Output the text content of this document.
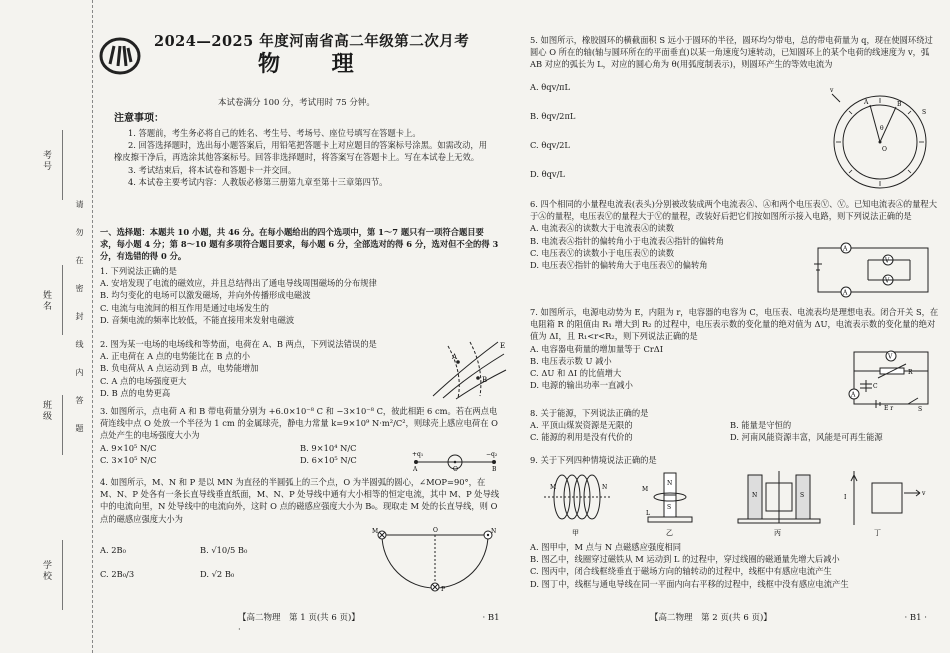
考号
姓名
班级
学校
请　勿　在　密　封　线　内　答　题
2024—2025 年度河南省高二年级第二次月考
物 理
本试卷满分 100 分，考试用时 75 分钟。
注意事项：

1. 答题前，考生务必将自己的姓名、考生号、考场号、座位号填写在答题卡上。

2. 回答选择题时，选出每小题答案后，用铅笔把答题卡上对应题目的答案标号涂黑。如需改动，用橡皮擦干净后，再选涂其他答案标号。回答非选择题时，将答案写在答题卡上。写在本试卷上无效。

3. 考试结束后，将本试卷和答题卡一并交回。

4. 本试卷主要考试内容：人教版必修第三册第九章至第十三章第四节。

一、选择题：本题共 10 小题，共 46 分。在每小题给出的四个选项中，第 1～7 题只有一项符合题目要求，每小题 4 分；第 8～10 题有多项符合题目要求，每小题 6 分，全部选对的得 6 分，选对但不全的得 3 分，有选错的得 0 分。

1. 下列说法正确的是

A. 安培发现了电流的磁效应，并且总结得出了通电导线周围磁场的分布规律

B. 均匀变化的电场可以激发磁场，并向外传播形成电磁波

C. 电流与电流间的相互作用是通过电场发生的

D. 音频电流的频率比较低，不能直接用来发射电磁波

2. 图为某一电场的电场线和等势面，电荷在 A、B 两点，下列说法错误的是

A. 正电荷在 A 点的电势能比在 B 点的小

B. 负电荷从 A 点运动到 B 点，电势能增加

C. A 点的电场强度更大

D. B 点的电势更高

A
B
E

3. 如图所示，点电荷 A 和 B 带电荷量分别为 +6.0×10⁻⁸ C 和 −3×10⁻⁸ C，彼此相距 6 cm。若在两点电荷连线中点 O 处放一个半径为 1 cm 的金属球壳，静电力常量 k=9×10⁹ N·m²/C²，则球壳上感应电荷在 O 点处产生的电场强度大小为

A. 9×10⁵ N/C	B. 9×10⁴ N/C
C. 3×10⁵ N/C	D. 6×10⁵ N/C
+q₁	−q₂
A	O	B

4. 如图所示，M、N 和 P 是以 MN 为直径的半圆弧上的三个点，O 为半圆弧的圆心，∠MOP=90°，在 M、N、P 处各有一条长直导线垂直纸面，M、N、P 处导线中通有大小相等的恒定电流，其中 M、P 处导线中的电流向里，N 处导线中的电流向外，这时 O 点的磁感应强度大小为 B₀。现取走 M 处的长直导线，则 O 点的磁感应强度大小为

A. 2B₀	B. √10/5 B₀
C. 2B₀/3	D. √2 B₀
M	O	N
P
【高二物理　第 1 页(共 6 页)】	· B1 ·

5. 如图所示，橡胶圆环的横截面积 S 远小于圆环的半径，圆环均匀带电，总的带电荷量为 q，现在使圆环绕过圆心 O 所在的轴(轴与圆环所在的平面垂直)以某一角速度匀速转动，已知圆环上的某个电荷的线速度为 v，弧 AB 对应的弧长为 L，对应的圆心角为 θ(用弧度制表示)，则圆环产生的等效电流为

A. θqv/πL

B. θqv/2πL

C. θqv/2L

D. θqv/L

O
A	B
θ
S
v

6. 四个相同的小量程电流表(表头)分别被改装成两个电流表Ⓐ、Ⓐ和两个电压表Ⓥ、Ⓥ。已知电流表Ⓐ的量程大于Ⓐ的量程，电压表Ⓥ的量程大于Ⓥ的量程，改装好后把它们按如图所示接入电路，则下列说法正确的是

A. 电流表Ⓐ的读数大于电流表Ⓐ的读数

B. 电流表Ⓐ指针的偏转角小于电流表Ⓐ指针的偏转角

C. 电压表Ⓥ的读数小于电压表Ⓥ的读数

D. 电压表Ⓥ指针的偏转角大于电压表Ⓥ的偏转角

A
A
V
V

7. 如图所示，电源电动势为 E，内阻为 r，电容器的电容为 C，电压表、电流表均是理想电表。闭合开关 S，在电阻箱 R 的阻值由 R₁ 增大到 R₂ 的过程中，电压表示数的变化量的绝对值为 ΔU，电流表示数的变化量的绝对值为 ΔI，且 R₁<r<R₂，则下列说法正确的是

A. 电容器电荷量的增加量等于 CrΔI

B. 电压表示数 U 减小

C. ΔU 和 ΔI 的比值增大

D. 电源的输出功率一直减小

V
R
C
A
E r	S

8. 关于能源，下列说法正确的是

A. 平顶山煤炭资源是无限的	B. 能量是守恒的
C. 能源的利用是没有代价的	D. 河南风能资源丰富，风能是可再生能源

9. 关于下列四种情境说法正确的是

M	N
甲
N
S
M
L
乙
N	S
丙
I
v
丁

A. 图甲中，M 点与 N 点磁感应强度相同

B. 图乙中，线圈穿过磁铁从 M 运动到 L 的过程中，穿过线圈的磁通量先增大后减小

C. 图丙中，闭合线框绕垂直于磁场方向的轴转动的过程中，线框中有感应电流产生

D. 图丁中，线框与通电导线在同一平面内向右平移的过程中，线框中没有感应电流产生

【高二物理　第 2 页(共 6 页)】	· B1 ·
